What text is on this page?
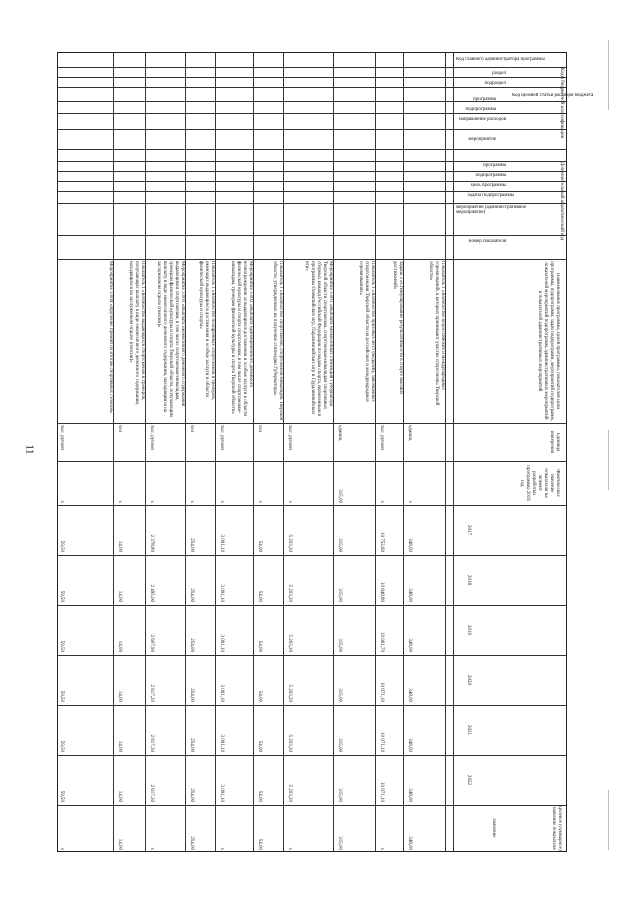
11
Коды бюджетной классификации
Дополнительный аналитический код
Наименование программы, целей программы, показателей цели программы, подпрограмм, задач подпрограмм, мероприятий подпрограмм, показателей мероприятий подпрограмм, административных мероприятий и показателей административных мероприятий
Единица измерения
Фактическое значение показателя на момент разработки программы 2016 год
Целевое (суммарное) значение показателя
значение
Код главного администратора программы
раздел
подраздел
Код целевой статьи расходов бюджета
программа
подпрограмма
направление расходов
мероприятие
программа
подпрограмма
цель программы
задача подпрограммы
мероприятие (административное мероприятие)
номер показателя
2017
2018
2019
2020
2021
2022
Показатель 1 «Количество всероссийских и международных соревнований, в которых принимают участие спортсмены Тверской области»
единиц
x
348,00
348,00
348,00
348,00
348,00
348,00
348,00
Задача 3 «Стимулирование результативности в спорте высших достижений»
тыс. рублей
x
10 752,60
10 848,80
10 961,70
10 971,10
10 971,10
10 971,10
x
Показатель 1 «Количество призовых мест (медалей), завоеванных спортсменами Тверской области на российских и международных соревнованиях»
единиц
315,00
315,00
315,00
315,00
315,00
315,00
315,00
315,00
Мероприятие 3.001 «Выплата ежемесячных стипендий Губернатора Тверской области спортсменам, спортсменам-инвалидам спортивных сборных команд Российской Федерации по видам спорта, включенным в программы Олимпийских игр, Паралимпийских игр и Сурдлимпийских игр»
тыс. рублей
x
5 203,20
5 203,20
5 203,20
5 203,20
5 203,20
5 203,20
x
Показатель 1 «Количество спортсменов, спортсменов-инвалидов Тверской области, утвержденных на получение стипендии Губернатора»
чел
x
54,00
54,00
54,00
54,00
54,00
54,00
54,00
Мероприятие 3.002 «Выплата единовременного денежного вознаграждения за выдающиеся достижения и особые заслуги в области физической культуры и спорта спортсменам, в том числе спортсменам-инвалидам, тренерам физической культуры и спорта Тверской области»
тыс. рублей
x
3 091,10
3 091,10
3 091,10
3 091,10
3 091,10
3 091,10
x
Показатель 1 «Количество поощренных спортсменов и тренеров, имеющих выдающиеся достижения и особые заслуги в области физической культуры и спорта»
чел
x
254,00
254,00
254,00
254,00
254,00
254,00
254,00
Мероприятие 3.003 «Выплата ежемесячного денежного содержания выдающимся спортсменам, в том числе спортсменам-инвалидам, тренерам физической культуры и спорта Тверской области, получающим выплату в виде ежемесячного денежного содержания, находящимся на заслуженном отдыхе (пенсии)»
тыс. рублей
x
2 378,80
2 495,00
2 607,90
2 617,20
2 617,30
2 617,30
x
Показатель 1 «Количество выдающихся спортсменов и тренеров, получающих выплату в виде ежемесячного денежного содержания, находящихся на заслуженном отдыхе (пенсии)»
чел
x
14,00
14,00
14,00
14,00
14,00
14,00
14,00
Мероприятие 3.004 «Вручение премий по итогам спортивных сезонов»
тыс. рублей
x
59,50
59,50
59,50
59,50
59,50
59,50
x
